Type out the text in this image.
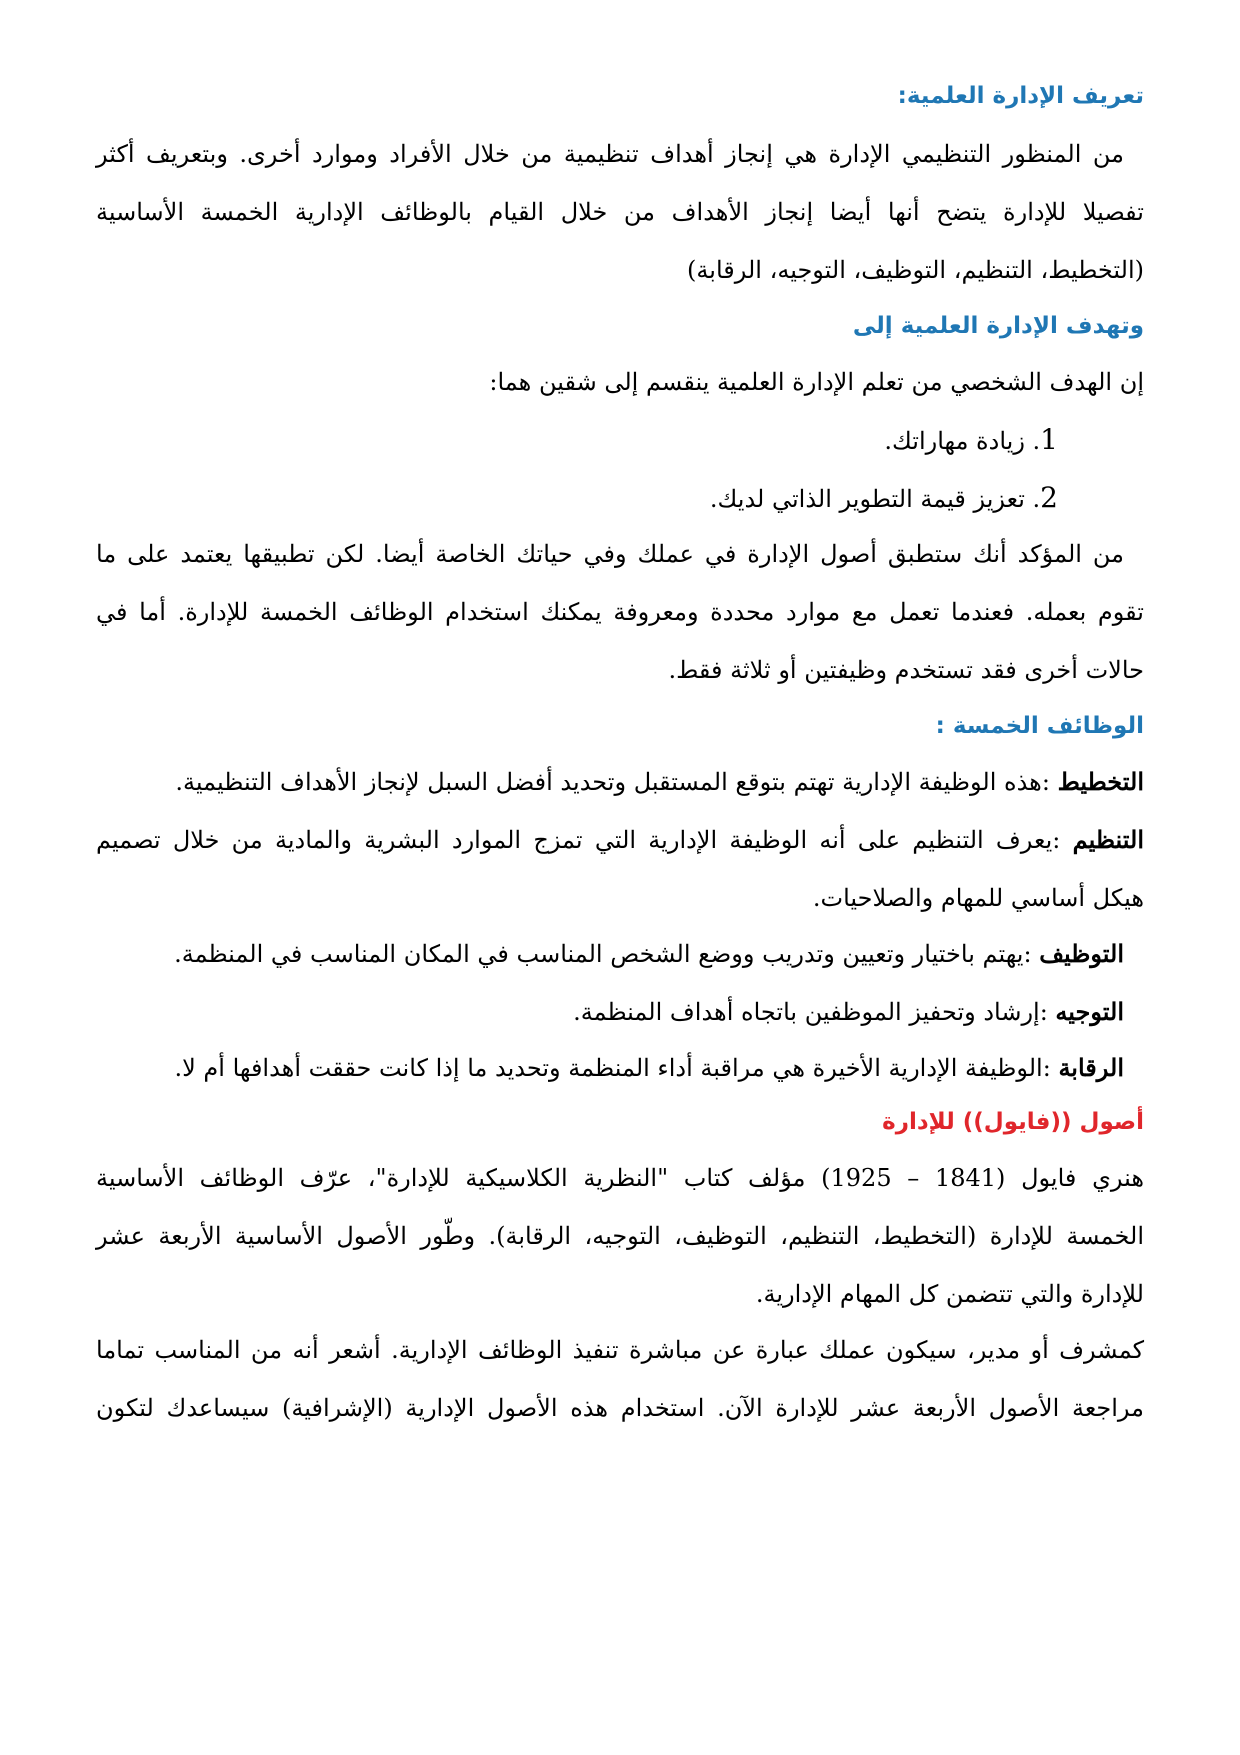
تعريف الإدارة العلمية:
من المنظور التنظيمي الإدارة هي إنجاز أهداف تنظيمية من خلال الأفراد وموارد أخرى. وبتعريف أكثر
تفصيلا للإدارة يتضح أنها أيضا إنجاز الأهداف من خلال القيام بالوظائف الإدارية الخمسة الأساسية
(التخطيط، التنظيم، التوظيف، التوجيه، الرقابة)
وتهدف الإدارة العلمية إلى
إن الهدف الشخصي من تعلم الإدارة العلمية ينقسم إلى شقين هما:
1. زيادة مهاراتك.
2. تعزيز قيمة التطوير الذاتي لديك.
من المؤكد أنك ستطبق أصول الإدارة في عملك وفي حياتك الخاصة أيضا. لكن تطبيقها يعتمد على ما
تقوم بعمله. فعندما تعمل مع موارد محددة ومعروفة يمكنك استخدام الوظائف الخمسة للإدارة. أما في
حالات أخرى فقد تستخدم وظيفتين أو ثلاثة فقط.
الوظائف الخمسة :
التخطيط :هذه الوظيفة الإدارية تهتم بتوقع المستقبل وتحديد أفضل السبل لإنجاز الأهداف التنظيمية.
التنظيم :يعرف التنظيم على أنه الوظيفة الإدارية التي تمزج الموارد البشرية والمادية من خلال تصميم
هيكل أساسي للمهام والصلاحيات.
التوظيف :يهتم باختيار وتعيين وتدريب ووضع الشخص المناسب في المكان المناسب في المنظمة.
التوجيه :إرشاد وتحفيز الموظفين باتجاه أهداف المنظمة.
الرقابة :الوظيفة الإدارية الأخيرة هي مراقبة أداء المنظمة وتحديد ما إذا كانت حققت أهدافها أم لا.
أصول ((فايول)) للإدارة
هنري فايول (1841 – 1925) مؤلف كتاب "النظرية الكلاسيكية للإدارة"، عرّف الوظائف الأساسية
الخمسة للإدارة (التخطيط، التنظيم، التوظيف، التوجيه، الرقابة). وطّور الأصول الأساسية الأربعة عشر
للإدارة والتي تتضمن كل المهام الإدارية.
كمشرف أو مدير، سيكون عملك عبارة عن مباشرة تنفيذ الوظائف الإدارية. أشعر أنه من المناسب تماما
مراجعة الأصول الأربعة عشر للإدارة الآن. استخدام هذه الأصول الإدارية (الإشرافية) سيساعدك لتكون
